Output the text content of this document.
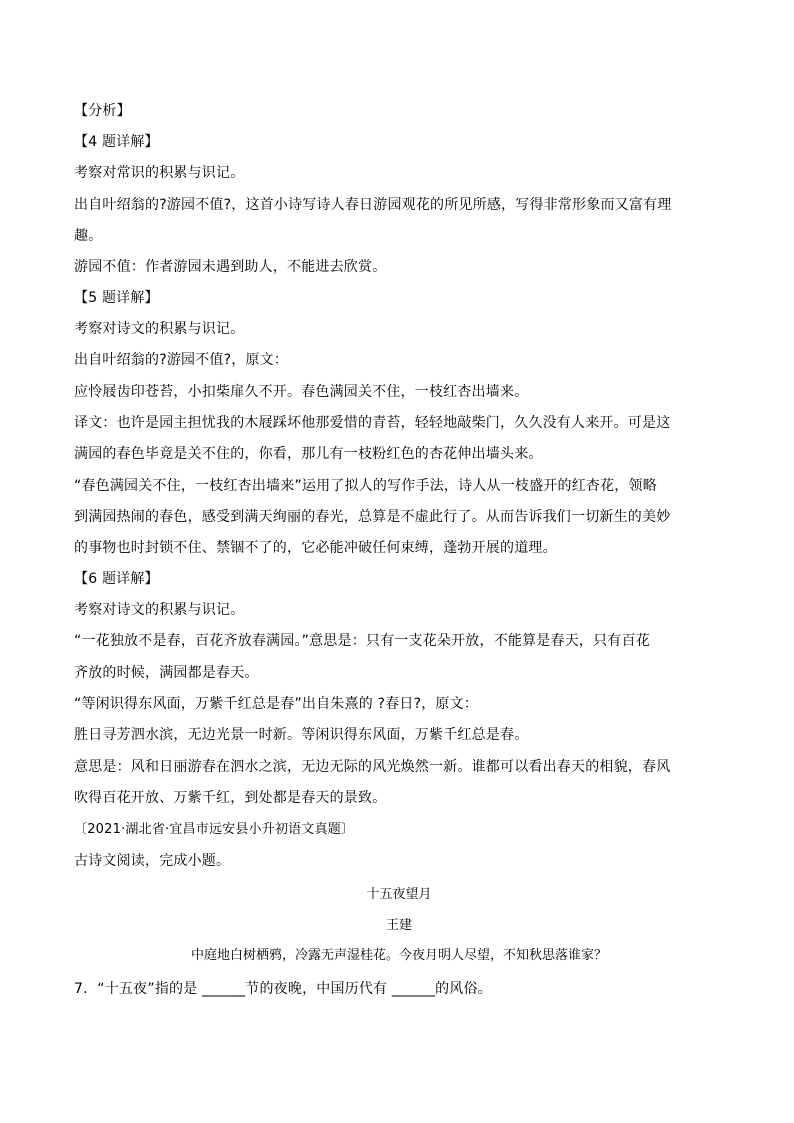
【分析】
【4 题详解】
考察对常识的积累与识记。
出自叶绍翁的?游园不值?，这首小诗写诗人春日游园观花的所见所感，写得非常形象而又富有理
趣。
游园不值：作者游园未遇到助人，不能进去欣赏。
【5 题详解】
考察对诗文的积累与识记。
出自叶绍翁的?游园不值?，原文：
应怜屐齿印苍苔，小扣柴扉久不开。春色满园关不住，一枝红杏出墙来。
译文：也许是园主担忧我的木屐踩坏他那爱惜的青苔，轻轻地敲柴门，久久没有人来开。可是这
满园的春色毕竟是关不住的，你看，那儿有一枝粉红色的杏花伸出墙头来。
“春色满园关不住，一枝红杏出墙来”运用了拟人的写作手法，诗人从一枝盛开的红杏花，领略
到满园热闹的春色，感受到满天绚丽的春光，总算是不虚此行了。从而告诉我们一切新生的美妙
的事物也时封锁不住、禁锢不了的，它必能冲破任何束缚，蓬勃开展的道理。
【6 题详解】
考察对诗文的积累与识记。
“一花独放不是春，百花齐放春满园。”意思是：只有一支花朵开放，不能算是春天，只有百花
齐放的时候，满园都是春天。
“等闲识得东风面，万紫千红总是春”出自朱熹的 ?春日?，原文：
胜日寻芳泗水滨，无边光景一时新。等闲识得东风面，万紫千红总是春。
意思是：风和日丽游春在泗水之滨，无边无际的风光焕然一新。谁都可以看出春天的相貌，春风
吹得百花开放、万紫千红，到处都是春天的景致。
〔2021·湖北省·宜昌市远安县小升初语文真题〕
古诗文阅读，完成小题。
十五夜望月
王建
中庭地白树栖鸦，冷露无声湿桂花。今夜月明人尽望，不知秋思落谁家？
7．“十五夜”指的是 ______节的夜晚，中国历代有 ______的风俗。
